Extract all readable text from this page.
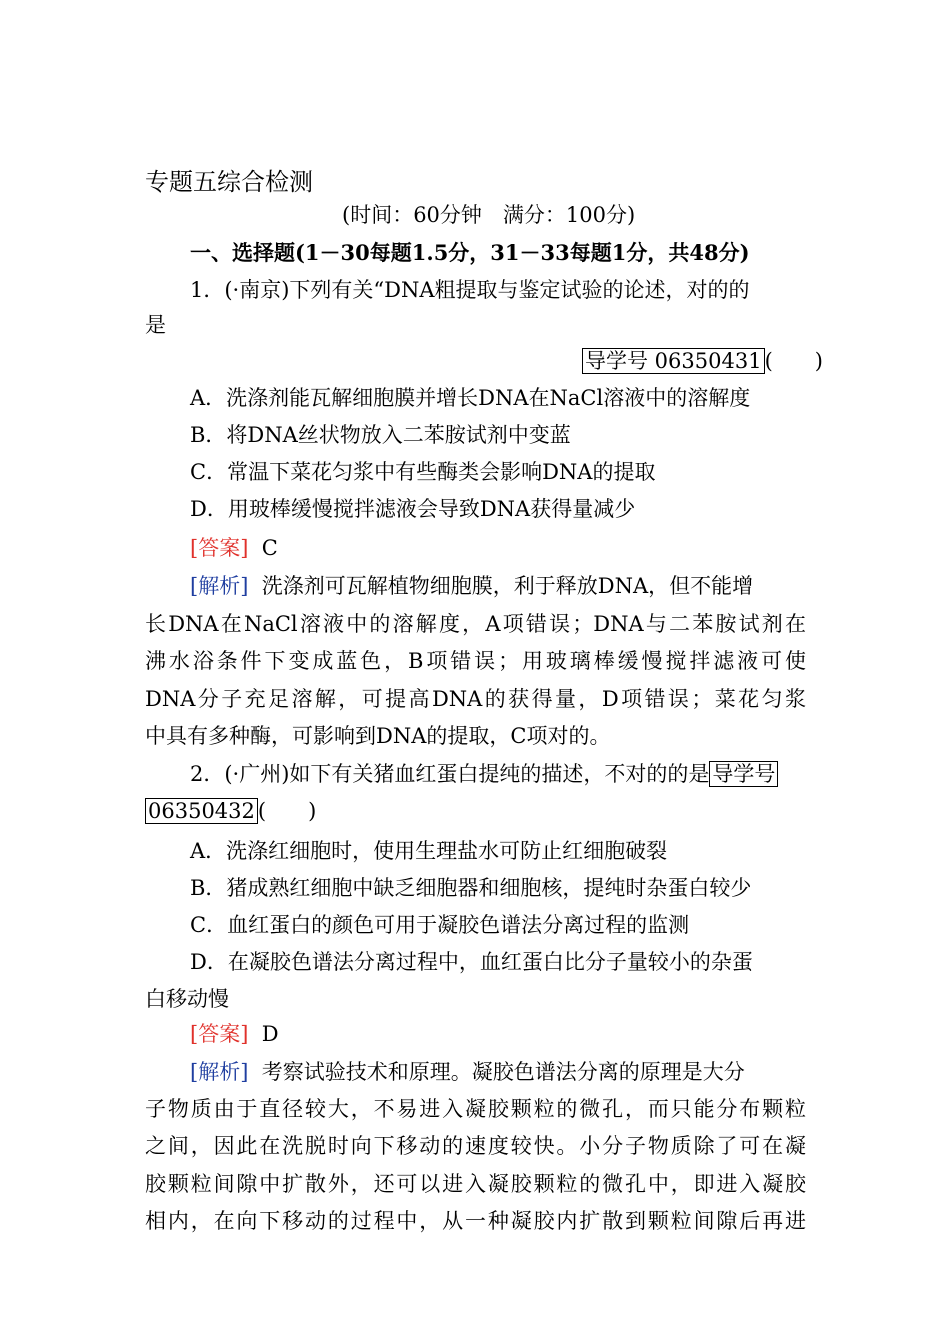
专题五综合检测
(时间：60分钟　满分：100分)
一、选择题(1－30每题1.5分，31－33每题1分，共48分)
1．(·南京)下列有关“DNA粗提取与鉴定试验的论述，对的的
是
导学号 06350431 (　　)
A．洗涤剂能瓦解细胞膜并增长DNA在NaCl溶液中的溶解度
B．将DNA丝状物放入二苯胺试剂中变蓝
C．常温下菜花匀浆中有些酶类会影响DNA的提取
D．用玻棒缓慢搅拌滤液会导致DNA获得量减少
[答案] C
[解析] 洗涤剂可瓦解植物细胞膜，利于释放DNA，但不能增
长DNA在NaCl溶液中的溶解度，A项错误；DNA与二苯胺试剂在
沸水浴条件下变成蓝色，B项错误；用玻璃棒缓慢搅拌滤液可使
DNA分子充足溶解，可提高DNA的获得量，D项错误；菜花匀浆
中具有多种酶，可影响到DNA的提取，C项对的。
2．(·广州)如下有关猪血红蛋白提纯的描述，不对的的是 导学号
06350432 (　　)
A．洗涤红细胞时，使用生理盐水可防止红细胞破裂
B．猪成熟红细胞中缺乏细胞器和细胞核，提纯时杂蛋白较少
C．血红蛋白的颜色可用于凝胶色谱法分离过程的监测
D．在凝胶色谱法分离过程中，血红蛋白比分子量较小的杂蛋
白移动慢
[答案] D
[解析] 考察试验技术和原理。凝胶色谱法分离的原理是大分
子物质由于直径较大，不易进入凝胶颗粒的微孔，而只能分布颗粒
之间，因此在洗脱时向下移动的速度较快。小分子物质除了可在凝
胶颗粒间隙中扩散外，还可以进入凝胶颗粒的微孔中，即进入凝胶
相内，在向下移动的过程中，从一种凝胶内扩散到颗粒间隙后再进
